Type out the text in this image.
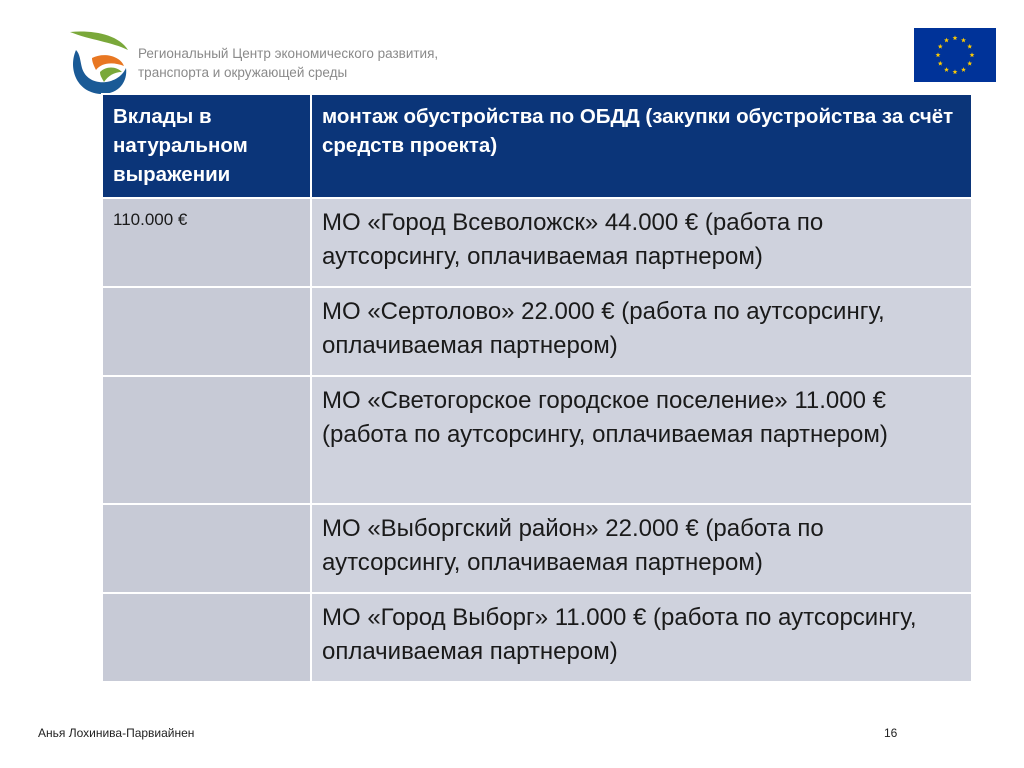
Региональный Центр экономического развития,
транспорта и окружающей среды
Вклады в натуральном выражении	монтаж обустройства по ОБДД (закупки обустройства за счёт средств проекта)
110.000 €	МО «Город Всеволожск» 44.000 € (работа по аутсорсингу, оплачиваемая партнером)
	МО «Сертолово» 22.000 € (работа по аутсорсингу, оплачиваемая партнером)
	МО «Светогорское городское поселение» 11.000 € (работа по аутсорсингу, оплачиваемая партнером)
	МО «Выборгский район» 22.000 € (работа по аутсорсингу, оплачиваемая партнером)
	МО «Город Выборг» 11.000 € (работа по аутсорсингу, оплачиваемая партнером)
Анья Лохинива-Парвиайнен	16
